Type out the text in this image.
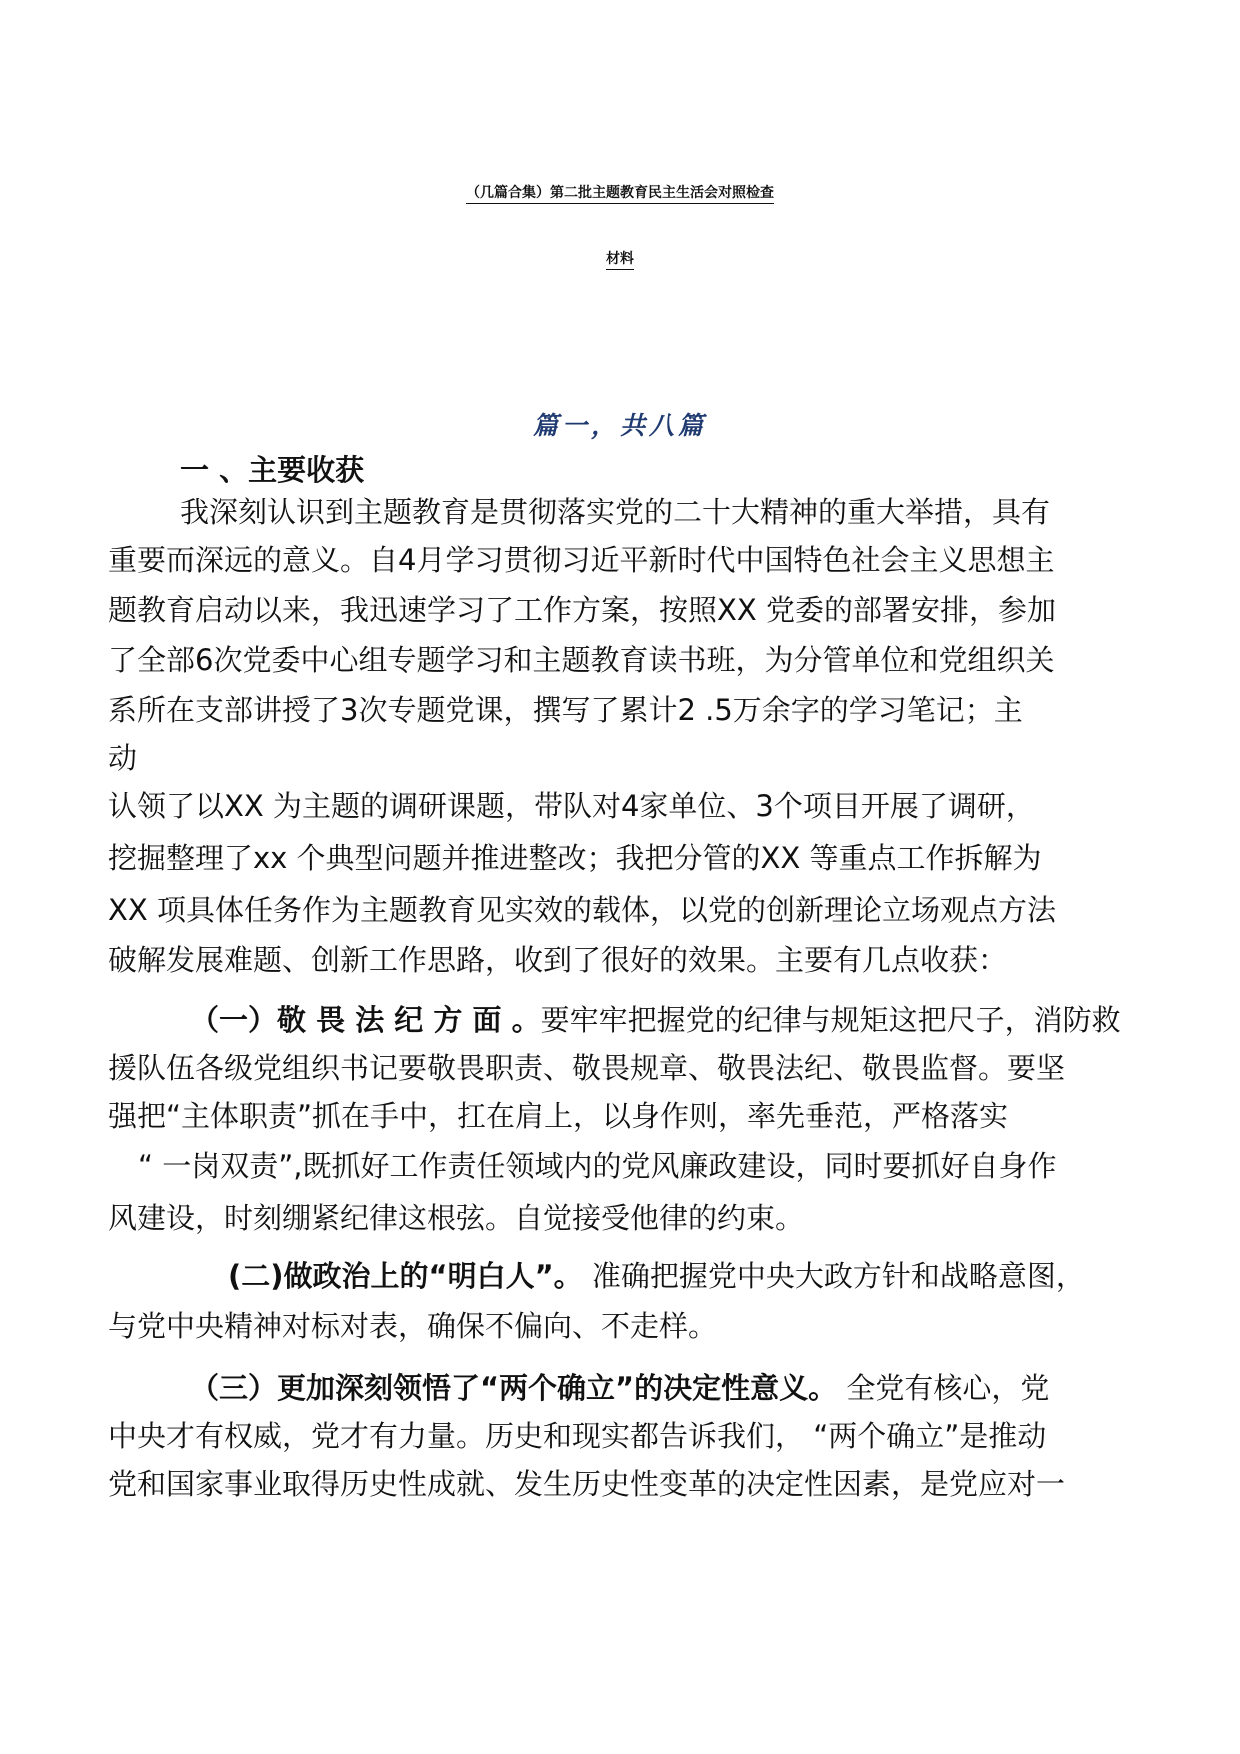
（几篇合集）第二批主题教育民主生活会对照检查
材料
篇一，共八篇
一 、主要收获
我深刻认识到主题教育是贯彻落实党的二十大精神的重大举措，具有
重要而深远的意义。自4月学习贯彻习近平新时代中国特色社会主义思想主
题教育启动以来，我迅速学习了工作方案，按照XX 党委的部署安排，参加
了全部6次党委中心组专题学习和主题教育读书班，为分管单位和党组织关
系所在支部讲授了3次专题党课，撰写了累计2 .5万余字的学习笔记；主
动
认领了以XX 为主题的调研课题，带队对4家单位、3个项目开展了调研，
挖掘整理了xx 个典型问题并推进整改；我把分管的XX 等重点工作拆解为
XX 项具体任务作为主题教育见实效的载体，以党的创新理论立场观点方法
破解发展难题、创新工作思路，收到了很好的效果。主要有几点收获：
（一）敬 畏 法 纪 方 面 。要牢牢把握党的纪律与规矩这把尺子，消防救
援队伍各级党组织书记要敬畏职责、敬畏规章、敬畏法纪、敬畏监督。要坚
强把“主体职责”抓在手中，扛在肩上，以身作则，率先垂范，严格落实
“ 一岗双责”,既抓好工作责任领域内的党风廉政建设，同时要抓好自身作
风建设，时刻绷紧纪律这根弦。自觉接受他律的约束。
(二)做政治上的“明白人”。 准确把握党中央大政方针和战略意图，
与党中央精神对标对表，确保不偏向、不走样。
（三）更加深刻领悟了“两个确立”的决定性意义。 全党有核心，党
中央才有权威，党才有力量。历史和现实都告诉我们， “两个确立”是推动
党和国家事业取得历史性成就、发生历史性变革的决定性因素，是党应对一
